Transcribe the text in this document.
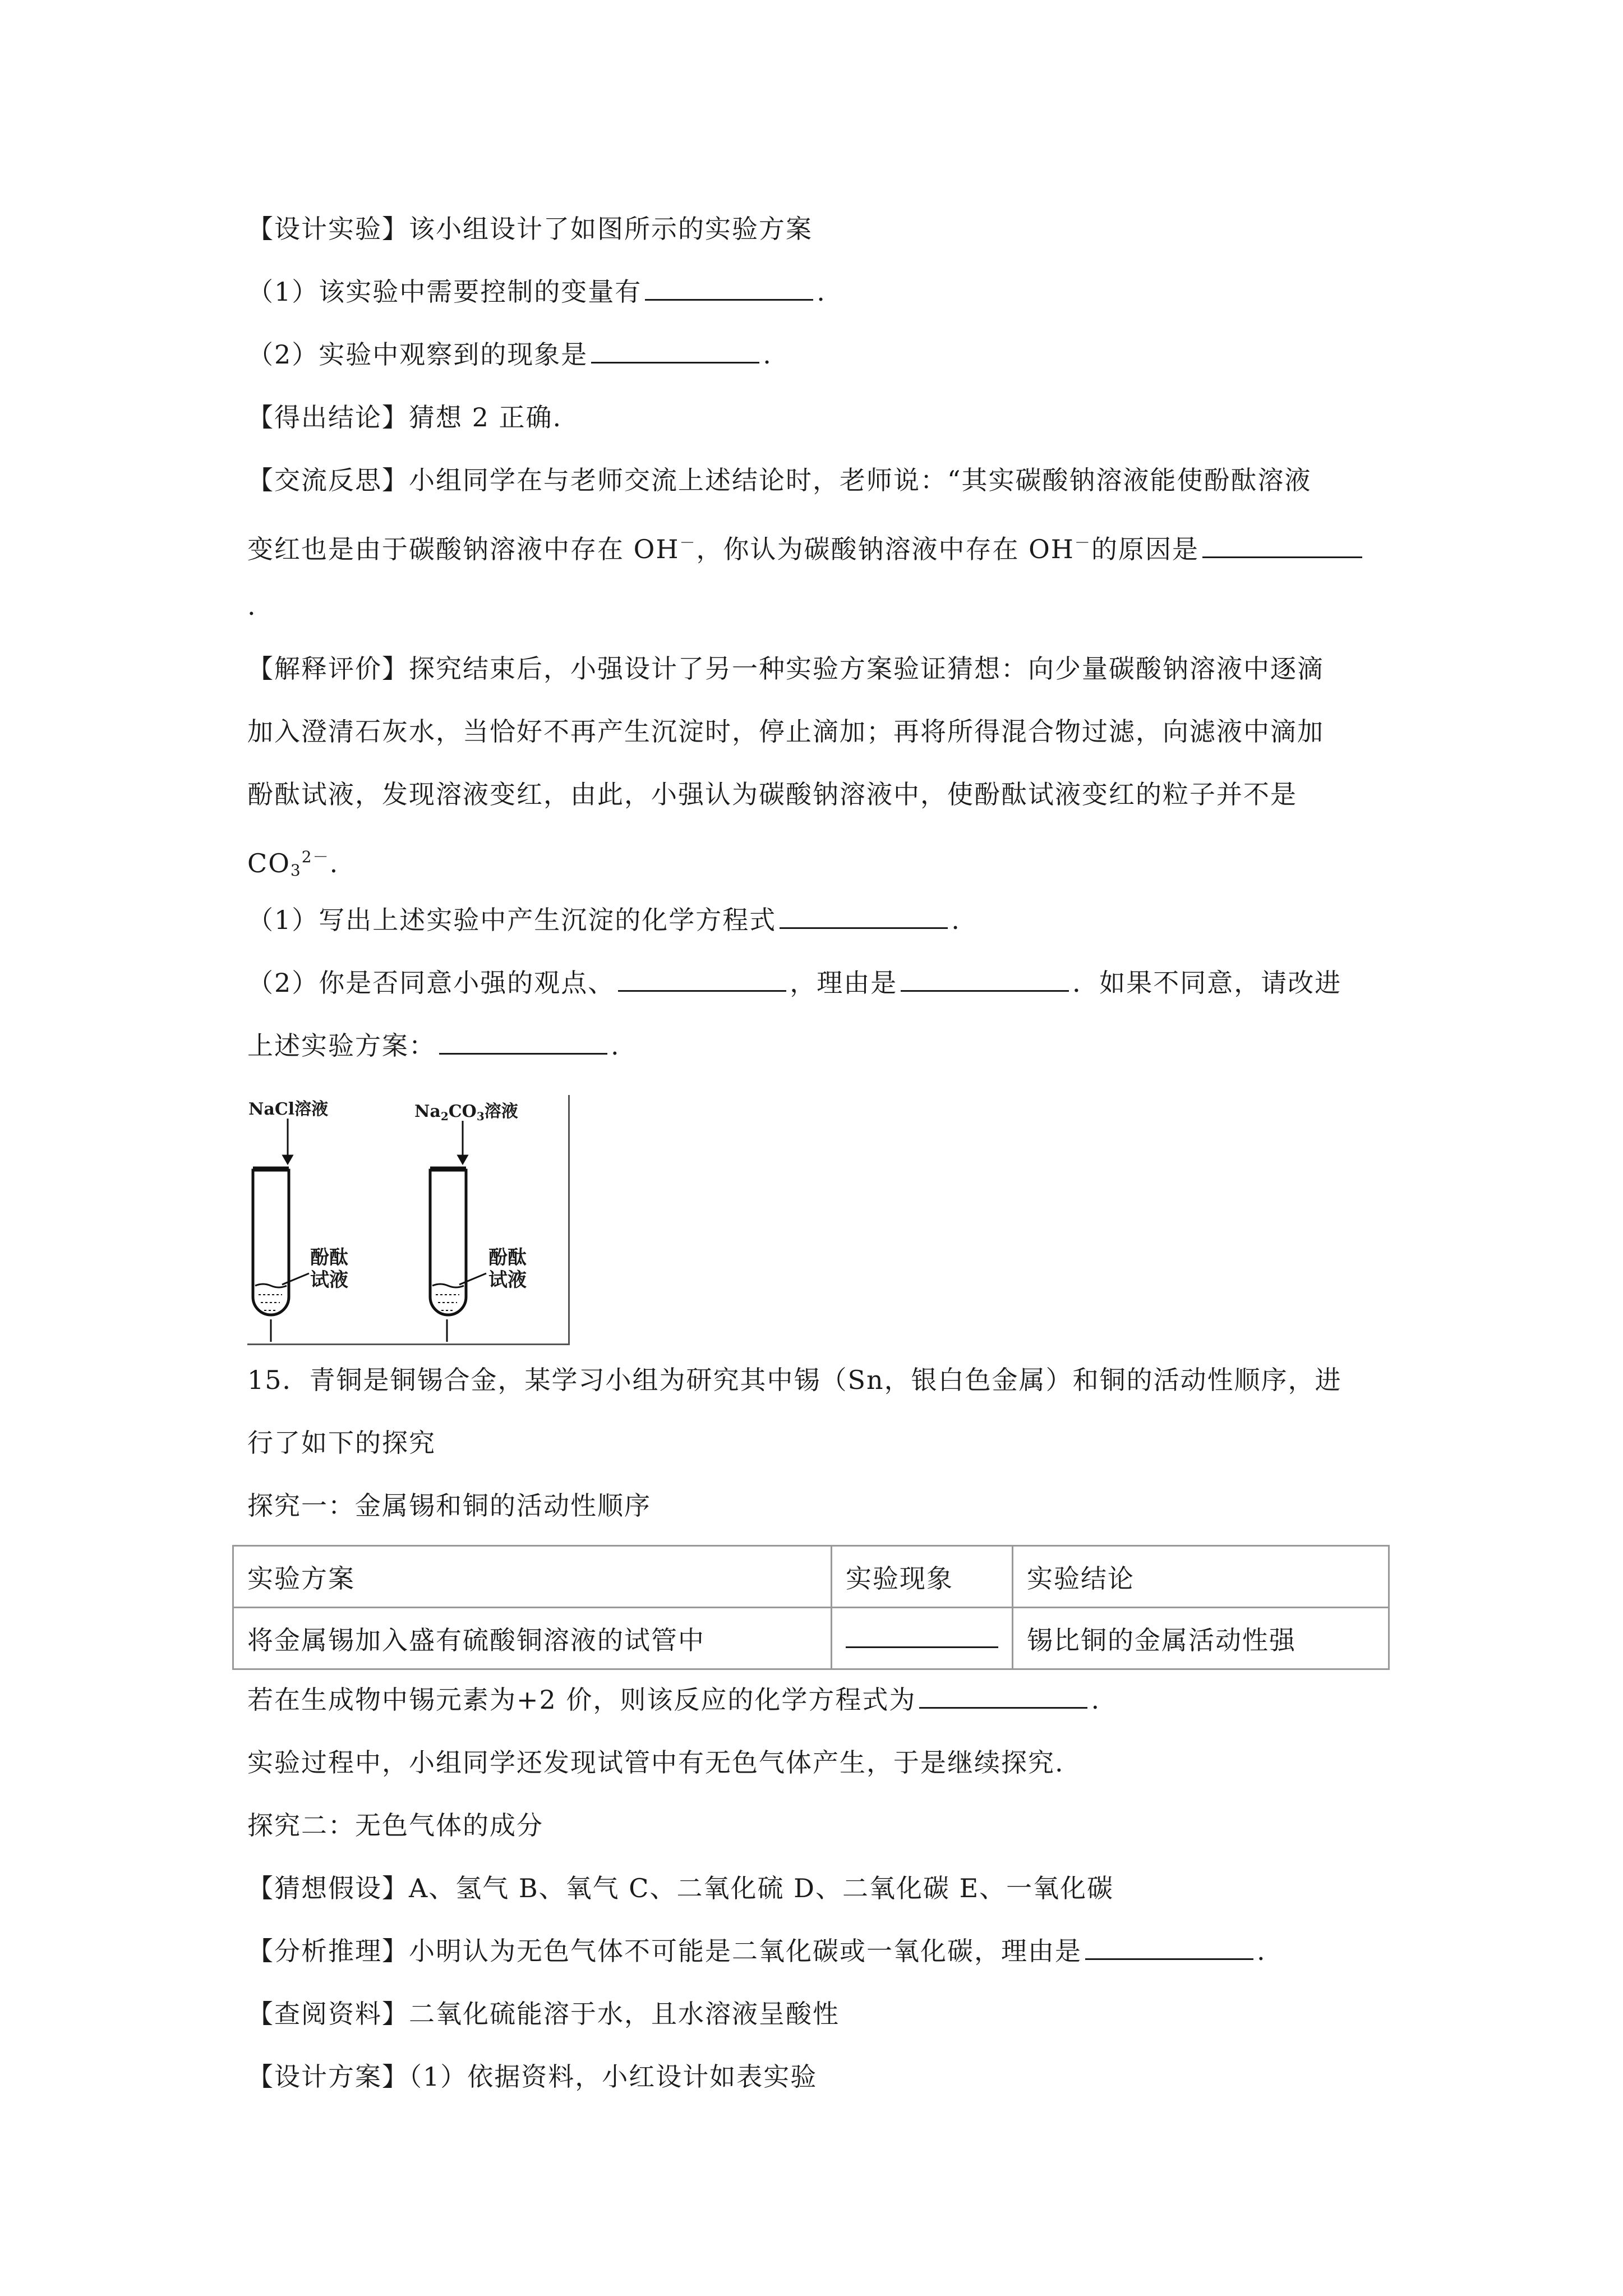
【设计实验】该小组设计了如图所示的实验方案
（1）该实验中需要控制的变量有	.
（2）实验中观察到的现象是	.
【得出结论】猜想 2 正确.
【交流反思】小组同学在与老师交流上述结论时，老师说：“其实碳酸钠溶液能使酚酞溶液
变红也是由于碳酸钠溶液中存在 OH－，你认为碳酸钠溶液中存在 OH－的原因是
.
【解释评价】探究结束后，小强设计了另一种实验方案验证猜想：向少量碳酸钠溶液中逐滴
加入澄清石灰水，当恰好不再产生沉淀时，停止滴加；再将所得混合物过滤，向滤液中滴加
酚酞试液，发现溶液变红，由此，小强认为碳酸钠溶液中，使酚酞试液变红的粒子并不是
$CO_3^{2-}$.
（1）写出上述实验中产生沉淀的化学方程式	.
（2）你是否同意小强的观点、	，理由是	．如果不同意，请改进
上述实验方案：	.
NaCl溶液	$Na_2CO_3$溶液
酚酞
试液
酚酞
试液
15．青铜是铜锡合金，某学习小组为研究其中锡（Sn，银白色金属）和铜的活动性顺序，进
行了如下的探究
探究一：金属锡和铜的活动性顺序
实验方案	实验现象	实验结论
将金属锡加入盛有硫酸铜溶液的试管中		锡比铜的金属活动性强
若在生成物中锡元素为+2 价，则该反应的化学方程式为	.
实验过程中，小组同学还发现试管中有无色气体产生，于是继续探究.
探究二：无色气体的成分
【猜想假设】A、氢气 B、氧气 C、二氧化硫 D、二氧化碳 E、一氧化碳
【分析推理】小明认为无色气体不可能是二氧化碳或一氧化碳，理由是	.
【查阅资料】二氧化硫能溶于水，且水溶液呈酸性
【设计方案】（1）依据资料，小红设计如表实验
